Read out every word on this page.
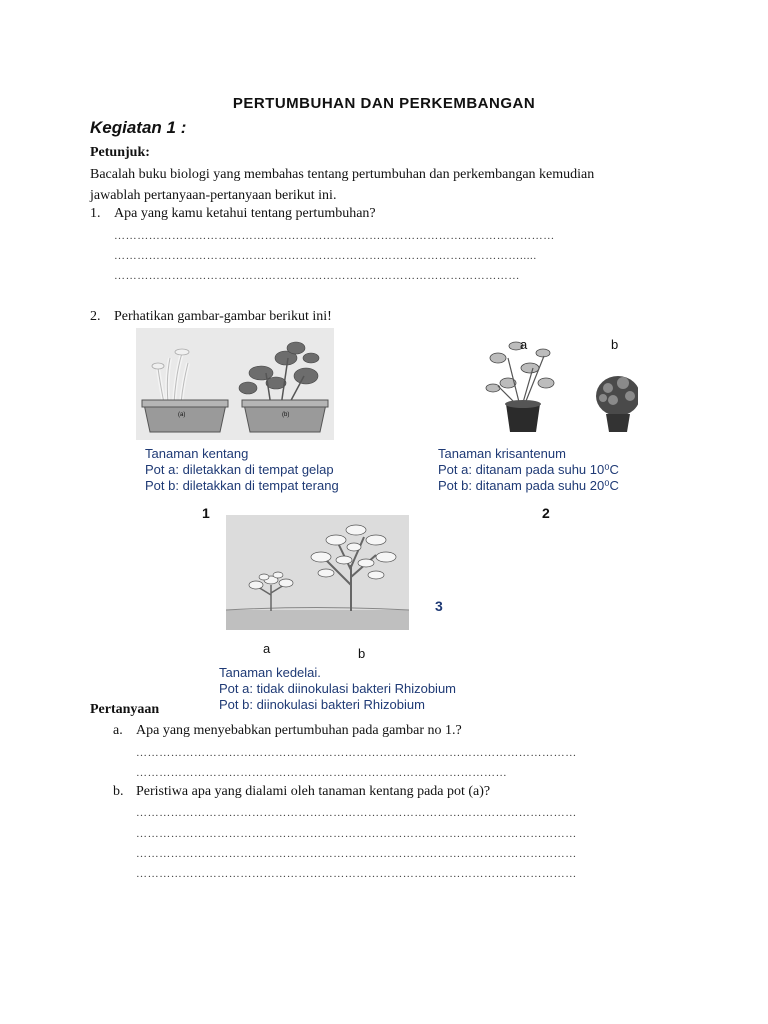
PERTUMBUHAN DAN PERKEMBANGAN
Kegiatan 1 :
Petunjuk:
Bacalah buku biologi yang membahas tentang pertumbuhan dan perkembangan kemudian
jawablah pertanyaan-pertanyaan berikut ini.
1. Apa yang kamu ketahui tentang pertumbuhan?
……………………………………………………………………………………………………
…………………………………………………………………………………………….....
……………………………………………………………………………………………
2. Perhatikan gambar-gambar berikut ini!
(a)	(b)
Tanaman kentang
Pot a: diletakkan di tempat gelap
Pot b: diletakkan di tempat terang
1
a	b
Tanaman krisantenum
Pot a: ditanam pada suhu 10⁰C
Pot b: ditanam pada suhu 20⁰C
2
3
a	b
Tanaman kedelai.
Pot a: tidak diinokulasi bakteri Rhizobium
Pot b: diinokulasi bakteri Rhizobium
Pertanyaan
a. Apa yang menyebabkan pertumbuhan pada gambar no 1.?
……………………………………………………………………………………………………
……………………………………………………………………………………
b. Peristiwa apa yang dialami oleh tanaman kentang pada pot (a)?
……………………………………………………………………………………………………
……………………………………………………………………………………………………
……………………………………………………………………………………………………
……………………………………………………………………………………………………
